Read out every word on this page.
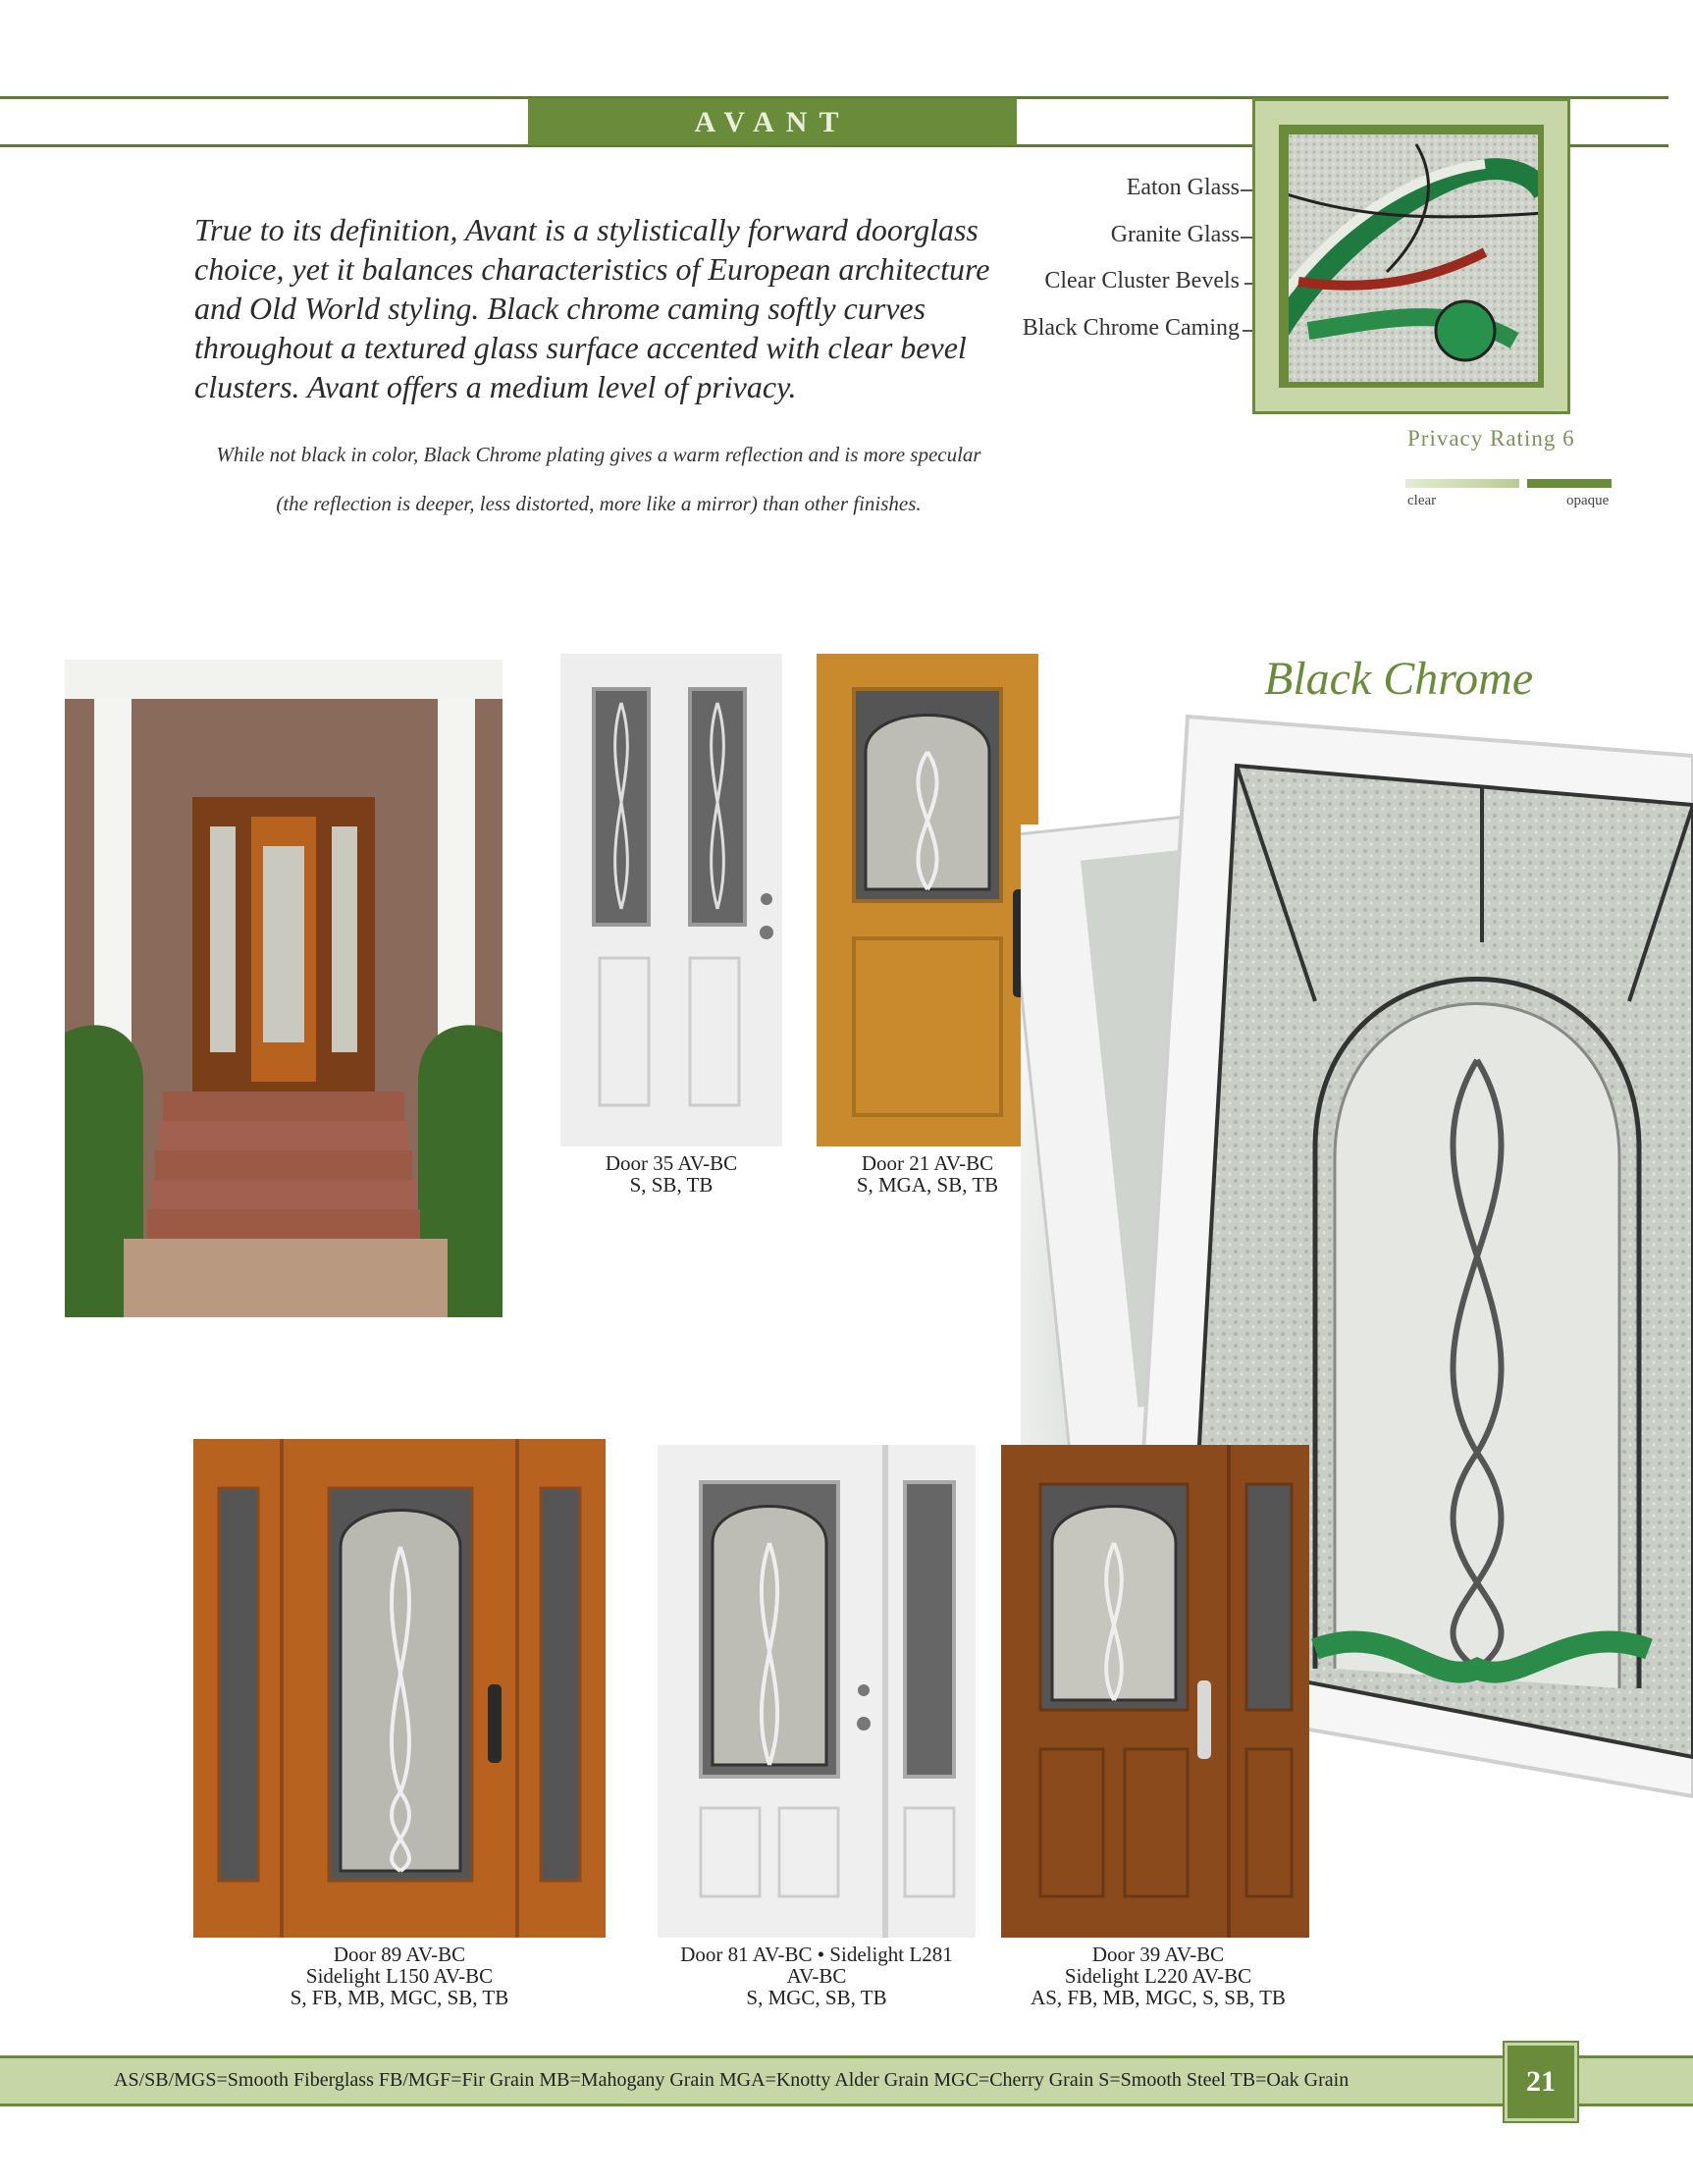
AVANT
True to its definition, Avant is a stylistically forward doorglass choice, yet it balances characteristics of European architecture and Old World styling. Black chrome caming softly curves throughout a textured glass surface accented with clear bevel clusters. Avant offers a medium level of privacy.
While not black in color, Black Chrome plating gives a warm reflection and is more specular (the reflection is deeper, less distorted, more like a mirror) than other finishes.
Eaton Glass
Granite Glass
Clear Cluster Bevels
Black Chrome Caming
Privacy Rating 6
clear	opaque
Door 35 AV-BC
S, SB, TB
Door 21 AV-BC
S, MGA, SB, TB
Black Chrome
Door 89 AV-BC
Sidelight L150 AV-BC
S, FB, MB, MGC, SB, TB
Door 81 AV-BC • Sidelight L281
AV-BC
S, MGC, SB, TB
Door 39 AV-BC
Sidelight L220 AV-BC
AS, FB, MB, MGC, S, SB, TB
AS/SB/MGS=Smooth Fiberglass FB/MGF=Fir Grain MB=Mahogany Grain MGA=Knotty Alder Grain MGC=Cherry Grain S=Smooth Steel TB=Oak Grain	21
